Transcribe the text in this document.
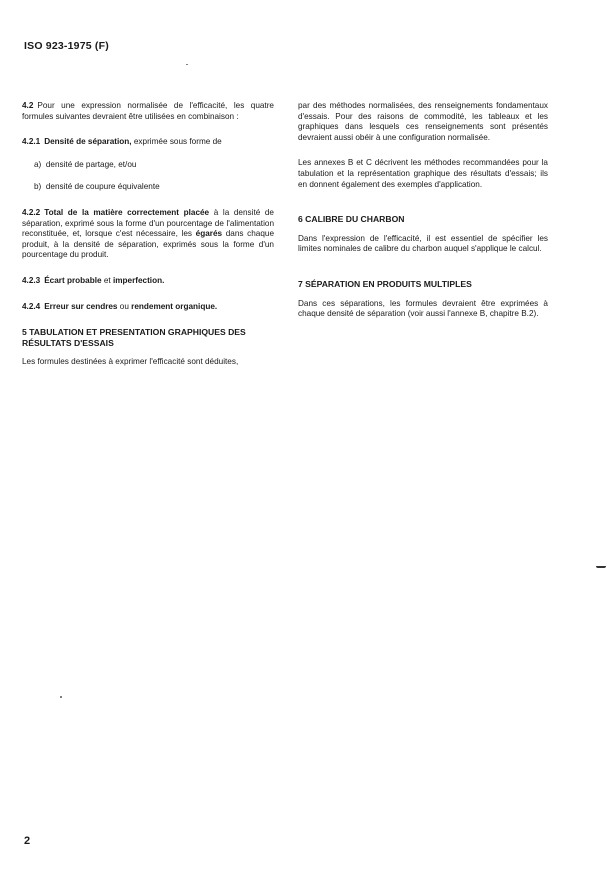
ISO 923-1975 (F)

4.2 Pour une expression normalisée de l'efficacité, les quatre formules suivantes devraient être utilisées en combinaison :

4.2.1 Densité de séparation, exprimée sous forme de

a) densité de partage, et/ou

b) densité de coupure équivalente

4.2.2 Total de la matière correctement placée à la densité de séparation, exprimé sous la forme d'un pourcentage de l'alimentation reconstituée, et, lorsque c'est nécessaire, les égarés dans chaque produit, à la densité de séparation, exprimés sous la forme d'un pourcentage du produit.

4.2.3 Écart probable et imperfection.

4.2.4 Erreur sur cendres ou rendement organique.

5 TABULATION ET PRESENTATION GRAPHIQUES DES RÉSULTATS D'ESSAIS

Les formules destinées à exprimer l'efficacité sont déduites,

par des méthodes normalisées, des renseignements fondamentaux d'essais. Pour des raisons de commodité, les tableaux et les graphiques dans lesquels ces renseignements sont présentés devraient aussi obéir à une configuration normalisée.

Les annexes B et C décrivent les méthodes recommandées pour la tabulation et la représentation graphique des résultats d'essais; ils en donnent également des exemples d'application.

6 CALIBRE DU CHARBON

Dans l'expression de l'efficacité, il est essentiel de spécifier les limites nominales de calibre du charbon auquel s'applique le calcul.

7 SÉPARATION EN PRODUITS MULTIPLES

Dans ces séparations, les formules devraient être exprimées à chaque densité de séparation (voir aussi l'annexe B, chapitre B.2).

2
